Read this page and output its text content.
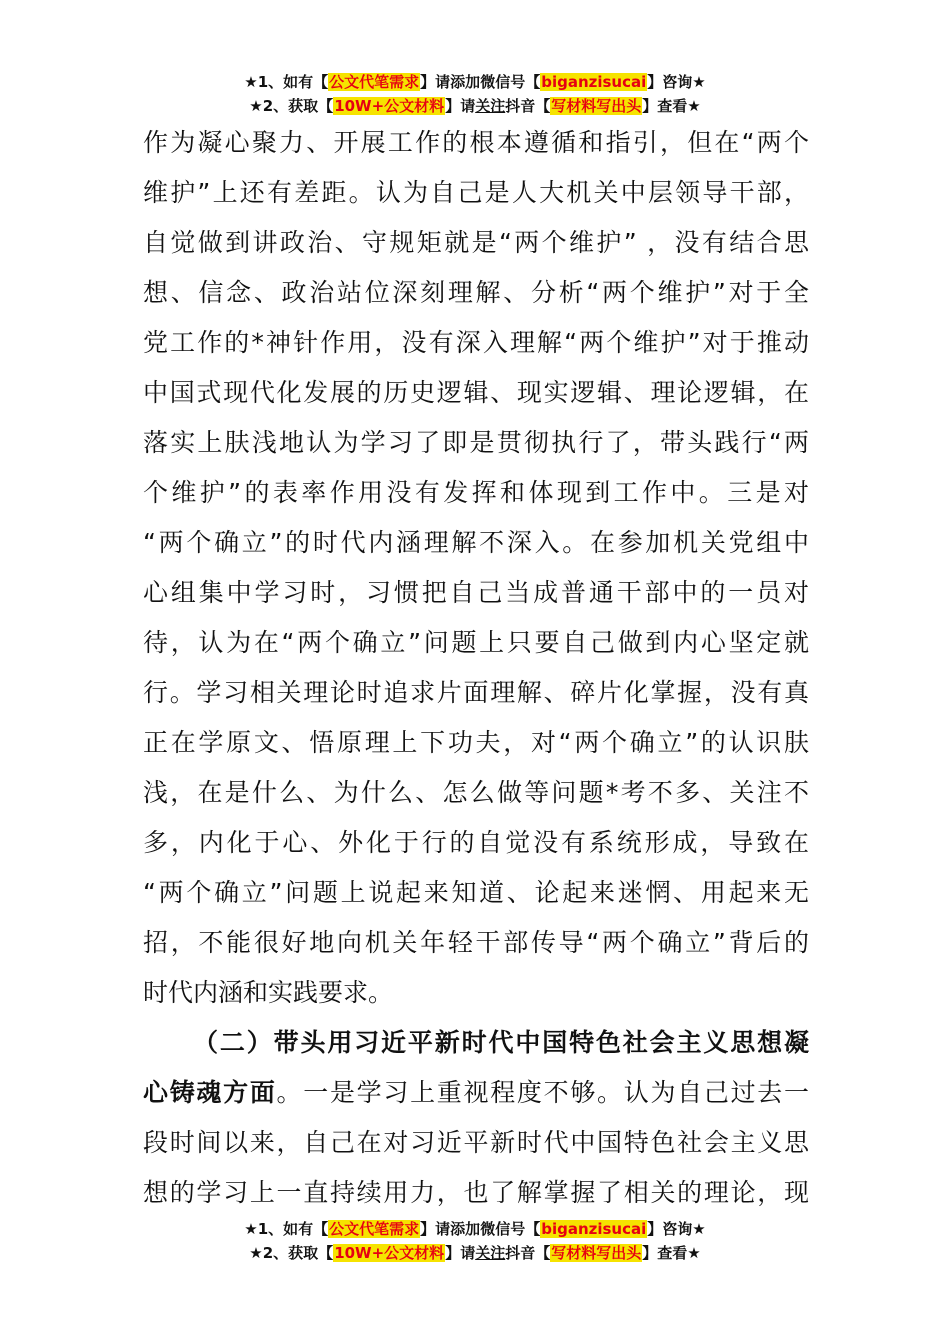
★1、如有【公文代笔需求】请添加微信号【biganzisucai】咨询★
★2、获取【10W+公文材料】请关注抖音【写材料写出头】查看★
作为凝心聚力、开展工作的根本遵循和指引，但在“两个
维护”上还有差距。认为自己是人大机关中层领导干部，
自觉做到讲政治、守规矩就是“两个维护” ，没有结合思
想、信念、政治站位深刻理解、分析“两个维护”对于全
党工作的*神针作用，没有深入理解“两个维护”对于推动
中国式现代化发展的历史逻辑、现实逻辑、理论逻辑，在
落实上肤浅地认为学习了即是贯彻执行了，带头践行“两
个维护”的表率作用没有发挥和体现到工作中。三是对
“两个确立”的时代内涵理解不深入。在参加机关党组中
心组集中学习时，习惯把自己当成普通干部中的一员对
待，认为在“两个确立”问题上只要自己做到内心坚定就
行。学习相关理论时追求片面理解、碎片化掌握，没有真
正在学原文、悟原理上下功夫，对“两个确立”的认识肤
浅，在是什么、为什么、怎么做等问题*考不多、关注不
多，内化于心、外化于行的自觉没有系统形成，导致在
“两个确立”问题上说起来知道、论起来迷惘、用起来无
招，不能很好地向机关年轻干部传导“两个确立”背后的
时代内涵和实践要求。
（二）带头用习近平新时代中国特色社会主义思想凝
心铸魂方面。一是学习上重视程度不够。认为自己过去一
段时间以来，自己在对习近平新时代中国特色社会主义思
想的学习上一直持续用力，也了解掌握了相关的理论，现
★1、如有【公文代笔需求】请添加微信号【biganzisucai】咨询★
★2、获取【10W+公文材料】请关注抖音【写材料写出头】查看★
